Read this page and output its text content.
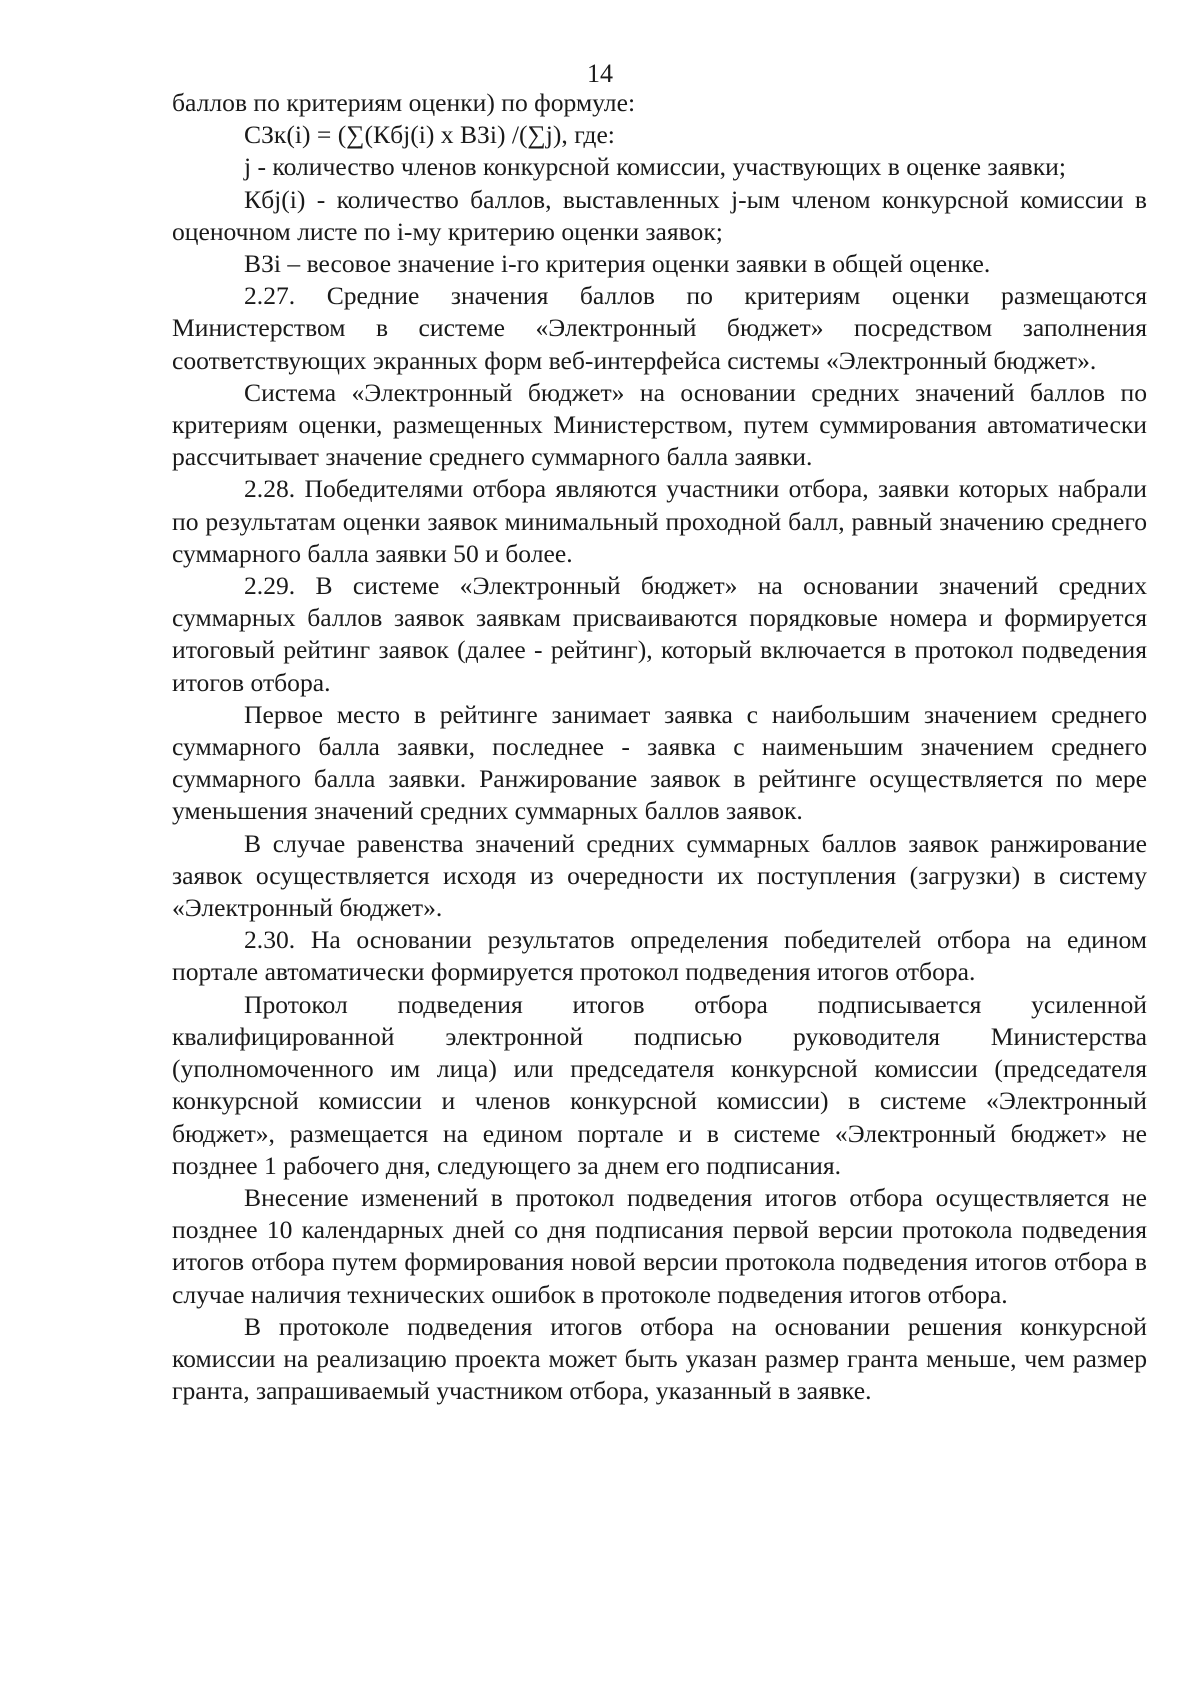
14

баллов по критериям оценки) по формуле:

СЗк(i) = (∑(Кбj(i) х ВЗi) /(∑j), где:

j - количество членов конкурсной комиссии, участвующих в оценке заявки;

Кбj(i) - количество баллов, выставленных j-ым членом конкурсной комиссии в оценочном листе по i-му критерию оценки заявок;

ВЗi – весовое значение i-го критерия оценки заявки в общей оценке.

2.27. Средние значения баллов по критериям оценки размещаются Министерством в системе «Электронный бюджет» посредством заполнения соответствующих экранных форм веб-интерфейса системы «Электронный бюджет».

Система «Электронный бюджет» на основании средних значений баллов по критериям оценки, размещенных Министерством, путем суммирования автоматически рассчитывает значение среднего суммарного балла заявки.

2.28. Победителями отбора являются участники отбора, заявки которых набрали по результатам оценки заявок минимальный проходной балл, равный значению среднего суммарного балла заявки 50 и более.

2.29. В системе «Электронный бюджет» на основании значений средних суммарных баллов заявок заявкам присваиваются порядковые номера и формируется итоговый рейтинг заявок (далее - рейтинг), который включается в протокол подведения итогов отбора.

Первое место в рейтинге занимает заявка с наибольшим значением среднего суммарного балла заявки, последнее - заявка с наименьшим значением среднего суммарного балла заявки. Ранжирование заявок в рейтинге осуществляется по мере уменьшения значений средних суммарных баллов заявок.

В случае равенства значений средних суммарных баллов заявок ранжирование заявок осуществляется исходя из очередности их поступления (загрузки) в систему «Электронный бюджет».

2.30. На основании результатов определения победителей отбора на едином портале автоматически формируется протокол подведения итогов отбора.

Протокол подведения итогов отбора подписывается усиленной квалифицированной электронной подписью руководителя Министерства (уполномоченного им лица) или председателя конкурсной комиссии (председателя конкурсной комиссии и членов конкурсной комиссии) в системе «Электронный бюджет», размещается на едином портале и в системе «Электронный бюджет» не позднее 1 рабочего дня, следующего за днем его подписания.

Внесение изменений в протокол подведения итогов отбора осуществляется не позднее 10 календарных дней со дня подписания первой версии протокола подведения итогов отбора путем формирования новой версии протокола подведения итогов отбора в случае наличия технических ошибок в протоколе подведения итогов отбора.

В протоколе подведения итогов отбора на основании решения конкурсной комиссии на реализацию проекта может быть указан размер гранта меньше, чем размер гранта, запрашиваемый участником отбора, указанный в заявке.
